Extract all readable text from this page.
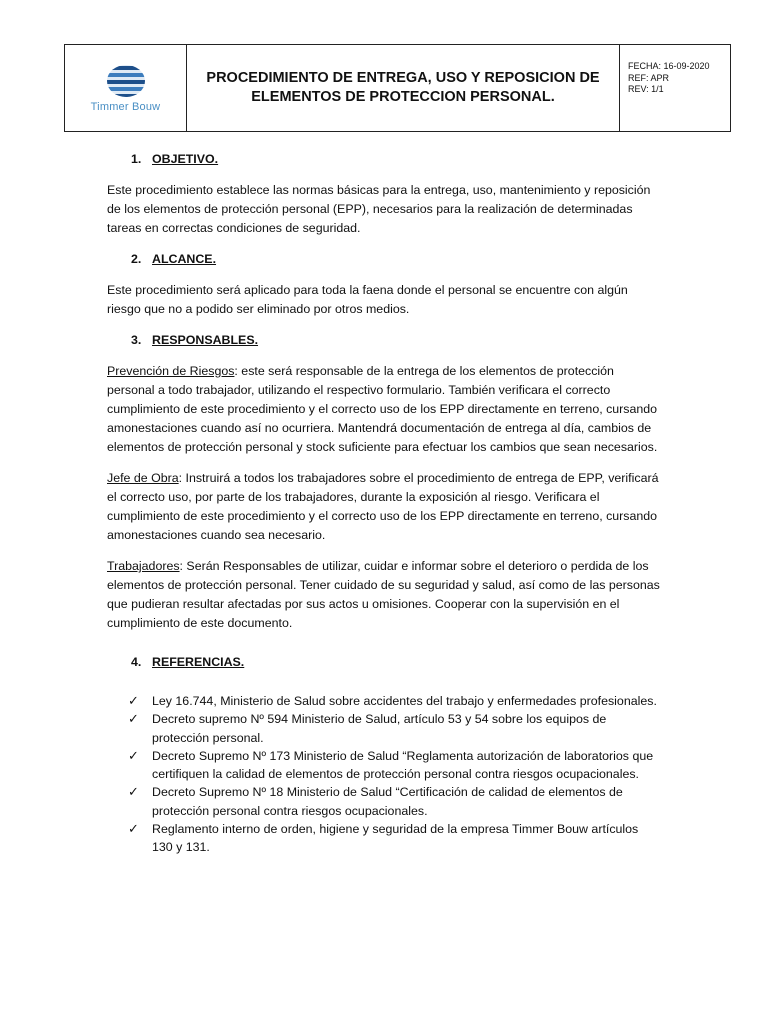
Timmer Bouw
PROCEDIMIENTO DE ENTREGA, USO Y REPOSICION DE
ELEMENTOS DE PROTECCION PERSONAL.
FECHA: 16-09-2020
REF: APR
REV: 1/1
1. OBJETIVO.

Este procedimiento establece las normas básicas para la entrega, uso, mantenimiento y reposición de los elementos de protección personal (EPP), necesarios para la realización de determinadas tareas en correctas condiciones de seguridad.

2. ALCANCE.

Este procedimiento será aplicado para toda la faena donde el personal se encuentre con algún riesgo que no a podido ser eliminado por otros medios.

3. RESPONSABLES.

Prevención de Riesgos: este será responsable de la entrega de los elementos de protección personal a todo trabajador, utilizando el respectivo formulario. También verificara el correcto cumplimiento de este procedimiento y el correcto uso de los EPP directamente en terreno, cursando amonestaciones cuando así no ocurriera. Mantendrá documentación de entrega al día, cambios de elementos de protección personal y stock suficiente para efectuar los cambios que sean necesarios.

Jefe de Obra: Instruirá a todos los trabajadores sobre el procedimiento de entrega de EPP, verificará el correcto uso, por parte de los trabajadores, durante la exposición al riesgo. Verificara el cumplimiento de este procedimiento y el correcto uso de los EPP directamente en terreno, cursando amonestaciones cuando sea necesario.

Trabajadores: Serán Responsables de utilizar, cuidar e informar sobre el deterioro o perdida de los elementos de protección personal. Tener cuidado de su seguridad y salud, así como de las personas que pudieran resultar afectadas por sus actos u omisiones. Cooperar con la supervisión en el cumplimiento de este documento.

4. REFERENCIAS.
✓ Ley 16.744, Ministerio de Salud sobre accidentes del trabajo y enfermedades profesionales.
✓ Decreto supremo Nº 594 Ministerio de Salud, artículo 53 y 54 sobre los equipos de protección personal.
✓ Decreto Supremo Nº 173 Ministerio de Salud “Reglamenta autorización de laboratorios que certifiquen la calidad de elementos de protección personal contra riesgos ocupacionales.
✓ Decreto Supremo Nº 18 Ministerio de Salud “Certificación de calidad de elementos de protección personal contra riesgos ocupacionales.
✓ Reglamento interno de orden, higiene y seguridad de la empresa Timmer Bouw artículos 130 y 131.
